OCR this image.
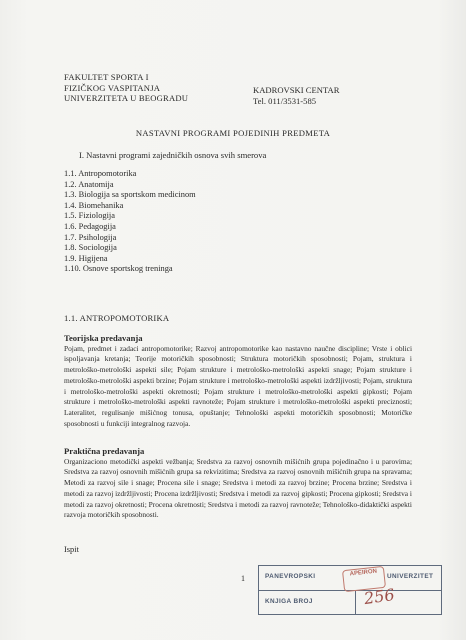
FAKULTET SPORTA I
FIZIČKOG VASPITANJA
UNIVERZITETA U BEOGRADU
KADROVSKI CENTAR
Tel. 011/3531-585
NASTAVNI PROGRAMI POJEDINIH PREDMETA
I. Nastavni programi zajedničkih osnova svih smerova
1.1. Antropomotorika
1.2. Anatomija
1.3. Biologija sa sportskom medicinom
1.4. Biomehanika
1.5. Fiziologija
1.6. Pedagogija
1.7. Psihologija
1.8. Sociologija
1.9. Higijena
1.10. Osnove sportskog treninga
1.1. ANTROPOMOTORIKA
Teorijska predavanja

Pojam, predmet i zadaci antropomotorike; Razvoj antropomotorike kao nastavno naučne discipline; Vrste i oblici ispoljavanja kretanja; Teorije motoričkih sposobnosti; Struktura motoričkih sposobnosti; Pojam, struktura i metrološko-metrološki aspekti sile; Pojam strukture i metrološko-metrološki aspekti snage; Pojam strukture i metrološko-metrološki aspekti brzine; Pojam strukture i metrološko-metrološki aspekti izdržljivosti; Pojam, struktura i metrološko-metrološki aspekti okretnosti; Pojam strukture i metrološko-metrološki aspekti gipkosti; Pojam strukture i metrološko-metrološki aspekti ravnoteže; Pojam strukture i metrološko-metrološki aspekti preciznosti; Lateralitet, regulisanje mišićnog tonusa, opuštanje; Tehnološki aspekti motoričkih sposobnosti; Motoričke sposobnosti u funkciji integralnog razvoja.

Praktična predavanja

Organizaciono metodički aspekti vežbanja; Sredstva za razvoj osnovnih mišićnih grupa pojedinačno i u parovima; Sredstva za razvoj osnovnih mišićnih grupa sa rekvizitima; Sredstva za razvoj osnovnih mišićnih grupa na spravama; Metodi za razvoj sile i snage; Procena sile i snage; Sredstva i metodi za razvoj brzine; Procena brzine; Sredstva i metodi za razvoj izdržljivosti; Procena izdržljivosti; Sredstva i metodi za razvoj gipkosti; Procena gipkosti; Sredstva i metodi za razvoj okretnosti; Procena okretnosti; Sredstva i metodi za razvoj ravnoteže; Tehnološko-didaktički aspekti razvoja motoričkih sposobnosti.

Ispit
1	PANEVROPSKI	APEIRON	UNIVERZITET
KNJIGA BROJ	256
